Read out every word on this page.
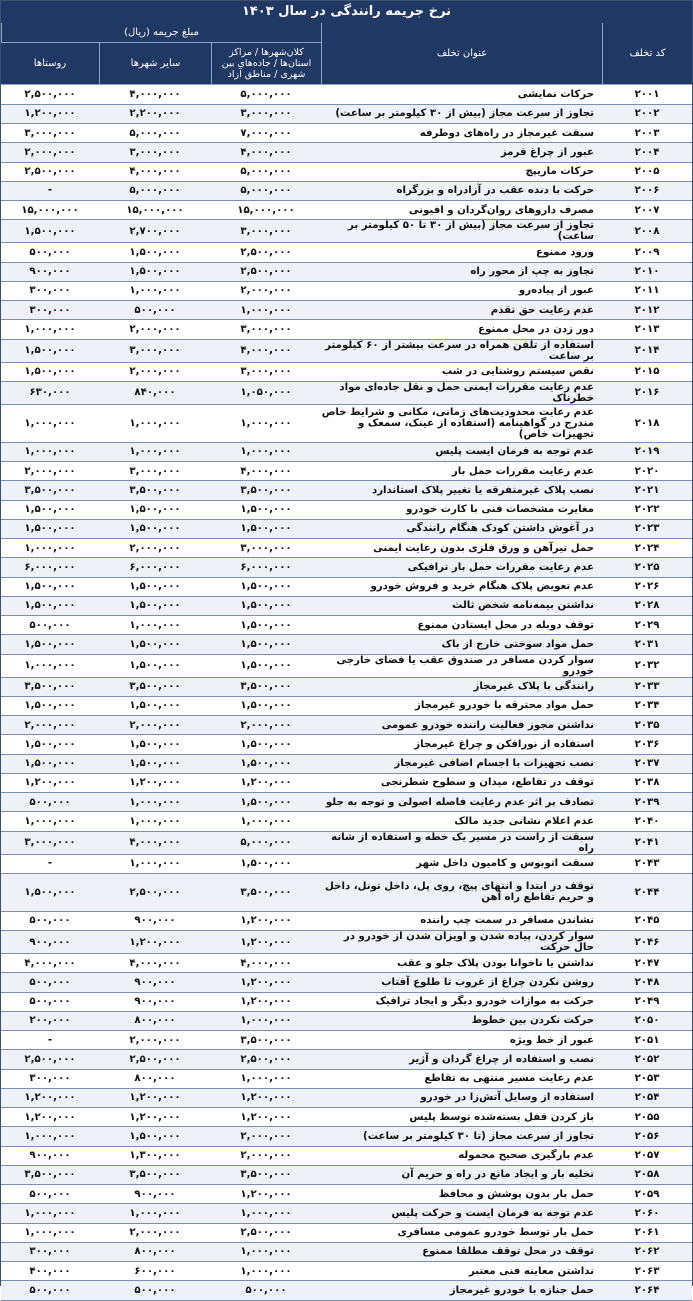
نرخ جریمه رانندگی در سال ۱۴۰۳
کد تخلف
عنوان تخلف
مبلغ جریمه (ریال)
کلان‌شهرها / مراکز استان‌ها / جاده‌های بین شهری / مناطق آزاد
سایر شهرها
روستاها
۲۰۰۱	حرکات نمایشی	۵,۰۰۰,۰۰۰	۴,۰۰۰,۰۰۰	۲,۵۰۰,۰۰۰
۲۰۰۲	تجاوز از سرعت مجاز (بیش از ۳۰ کیلومتر بر ساعت)	۳,۰۰۰,۰۰۰	۲,۲۰۰,۰۰۰	۱,۲۰۰,۰۰۰
۲۰۰۳	سبقت غیرمجاز در راه‌های دوطرفه	۷,۰۰۰,۰۰۰	۵,۰۰۰,۰۰۰	۳,۰۰۰,۰۰۰
۲۰۰۴	عبور از چراغ قرمز	۴,۰۰۰,۰۰۰	۳,۰۰۰,۰۰۰	۲,۰۰۰,۰۰۰
۲۰۰۵	حرکات ماریپچ	۵,۰۰۰,۰۰۰	۴,۰۰۰,۰۰۰	۲,۵۰۰,۰۰۰
۲۰۰۶	حرکت با دنده عقب در آزادراه و بزرگراه	۵,۰۰۰,۰۰۰	۵,۰۰۰,۰۰۰	-
۲۰۰۷	مصرف داروهای روان‌گردان و افیونی	۱۵,۰۰۰,۰۰۰	۱۵,۰۰۰,۰۰۰	۱۵,۰۰۰,۰۰۰
۲۰۰۸	تجاوز از سرعت مجاز (بیش از ۳۰ تا ۵۰ کیلومتر بر ساعت)	۳,۰۰۰,۰۰۰	۲,۷۰۰,۰۰۰	۱,۵۰۰,۰۰۰
۲۰۰۹	ورود ممنوع	۲,۵۰۰,۰۰۰	۱,۵۰۰,۰۰۰	۵۰۰,۰۰۰
۲۰۱۰	تجاوز به چپ از محور راه	۲,۵۰۰,۰۰۰	۱,۵۰۰,۰۰۰	۹۰۰,۰۰۰
۲۰۱۱	عبور از پیاده‌رو	۲,۰۰۰,۰۰۰	۱,۰۰۰,۰۰۰	۳۰۰,۰۰۰
۲۰۱۲	عدم رعایت حق تقدم	۱,۰۰۰,۰۰۰	۵۰۰,۰۰۰	۳۰۰,۰۰۰
۲۰۱۳	دور زدن در محل ممنوع	۳,۰۰۰,۰۰۰	۲,۰۰۰,۰۰۰	۱,۰۰۰,۰۰۰
۲۰۱۴	استفاده از تلفن همراه در سرعت بیشتر از ۶۰ کیلومتر بر ساعت	۴,۰۰۰,۰۰۰	۳,۰۰۰,۰۰۰	۱,۵۰۰,۰۰۰
۲۰۱۵	نقص سیستم روشنایی در شب	۳,۰۰۰,۰۰۰	۲,۰۰۰,۰۰۰	۱,۵۰۰,۰۰۰
۲۰۱۶	عدم رعایت مقررات ایمنی حمل و نقل جاده‌ای مواد خطرناک	۱,۰۵۰,۰۰۰	۸۴۰,۰۰۰	۶۳۰,۰۰۰
۲۰۱۸	عدم رعایت محدودیت‌های زمانی، مکانی و شرایط خاص مندرج در گواهینامه (استفاده از عینک، سمعک و تجهیزات خاص)	۱,۰۰۰,۰۰۰	۱,۰۰۰,۰۰۰	۱,۰۰۰,۰۰۰
۲۰۱۹	عدم توجه به فرمان ایست پلیس	۱,۰۰۰,۰۰۰	۱,۰۰۰,۰۰۰	۱,۰۰۰,۰۰۰
۲۰۲۰	عدم رعایت مقررات حمل بار	۴,۰۰۰,۰۰۰	۳,۰۰۰,۰۰۰	۲,۰۰۰,۰۰۰
۲۰۲۱	نصب پلاک غیرمتفرقه یا تغییر پلاک استاندارد	۳,۵۰۰,۰۰۰	۳,۵۰۰,۰۰۰	۳,۵۰۰,۰۰۰
۲۰۲۲	مغایرت مشخصات فنی با کارت خودرو	۱,۵۰۰,۰۰۰	۱,۵۰۰,۰۰۰	۱,۵۰۰,۰۰۰
۲۰۲۳	در آغوش داشتن کودک هنگام رانندگی	۱,۵۰۰,۰۰۰	۱,۵۰۰,۰۰۰	۱,۵۰۰,۰۰۰
۲۰۲۴	حمل تیرآهن و ورق فلزی بدون رعایت ایمنی	۳,۰۰۰,۰۰۰	۲,۰۰۰,۰۰۰	۱,۰۰۰,۰۰۰
۲۰۲۵	عدم رعایت مقررات حمل بار ترافیکی	۶,۰۰۰,۰۰۰	۶,۰۰۰,۰۰۰	۶,۰۰۰,۰۰۰
۲۰۲۶	عدم تعویض پلاک هنگام خرید و فروش خودرو	۱,۵۰۰,۰۰۰	۱,۵۰۰,۰۰۰	۱,۵۰۰,۰۰۰
۲۰۲۸	نداشتن بیمه‌نامه شخص ثالث	۱,۵۰۰,۰۰۰	۱,۵۰۰,۰۰۰	۱,۵۰۰,۰۰۰
۲۰۲۹	توقف دوبله در محل ایستادن ممنوع	۱,۵۰۰,۰۰۰	۱,۰۰۰,۰۰۰	۵۰۰,۰۰۰
۲۰۳۱	حمل مواد سوختی خارج از باک	۱,۵۰۰,۰۰۰	۱,۵۰۰,۰۰۰	۱,۵۰۰,۰۰۰
۲۰۳۲	سوار کردن مسافر در صندوق عقب یا فضای خارجی خودرو	۱,۵۰۰,۰۰۰	۱,۵۰۰,۰۰۰	۱,۰۰۰,۰۰۰
۲۰۳۳	رانندگی با پلاک غیرمجاز	۳,۵۰۰,۰۰۰	۳,۵۰۰,۰۰۰	۳,۵۰۰,۰۰۰
۲۰۳۴	حمل مواد محترقه با خودرو غیرمجاز	۱,۵۰۰,۰۰۰	۱,۵۰۰,۰۰۰	۱,۵۰۰,۰۰۰
۲۰۳۵	نداشتن مجوز فعالیت راننده خودرو عمومی	۲,۰۰۰,۰۰۰	۲,۰۰۰,۰۰۰	۲,۰۰۰,۰۰۰
۲۰۳۶	استفاده از نورافکن و چراغ غیرمجاز	۱,۵۰۰,۰۰۰	۱,۵۰۰,۰۰۰	۱,۵۰۰,۰۰۰
۲۰۳۷	نصب تجهیزات با اجسام اضافی غیرمجاز	۱,۵۰۰,۰۰۰	۱,۵۰۰,۰۰۰	۱,۵۰۰,۰۰۰
۲۰۳۸	توقف در تقاطع، میدان و سطوح شطرنجی	۱,۲۰۰,۰۰۰	۱,۲۰۰,۰۰۰	۱,۲۰۰,۰۰۰
۲۰۳۹	تصادف بر اثر عدم رعایت فاصله اصولی و توجه به جلو	۱,۵۰۰,۰۰۰	۱,۰۰۰,۰۰۰	۵۰۰,۰۰۰
۲۰۴۰	عدم اعلام نشانی جدید مالک	۱,۰۰۰,۰۰۰	۱,۰۰۰,۰۰۰	۱,۰۰۰,۰۰۰
۲۰۴۱	سبقت از راست در مسیر یک خطه و استفاده از شانه راه	۵,۰۰۰,۰۰۰	۴,۰۰۰,۰۰۰	۳,۰۰۰,۰۰۰
۲۰۴۳	سبقت اتوبوس و کامیون داخل شهر	۱,۵۰۰,۰۰۰	۱,۰۰۰,۰۰۰	-
۲۰۴۴	توقف در ابتدا و انتهای پیچ، روی پل، داخل تونل، داخل و حریم تقاطع راه آهن	۳,۵۰۰,۰۰۰	۲,۵۰۰,۰۰۰	۱,۵۰۰,۰۰۰
۲۰۴۵	نشاندن مسافر در سمت چپ راننده	۱,۲۰۰,۰۰۰	۹۰۰,۰۰۰	۵۰۰,۰۰۰
۲۰۴۶	سوار کردن، پیاده شدن و آویزان شدن از خودرو در حال حرکت	۱,۲۰۰,۰۰۰	۱,۲۰۰,۰۰۰	۹۰۰,۰۰۰
۲۰۴۷	نداشتن یا ناخوانا بودن پلاک جلو و عقب	۴,۰۰۰,۰۰۰	۴,۰۰۰,۰۰۰	۴,۰۰۰,۰۰۰
۲۰۴۸	روشن نکردن چراغ از غروب تا طلوع آفتاب	۱,۲۰۰,۰۰۰	۹۰۰,۰۰۰	۵۰۰,۰۰۰
۲۰۴۹	حرکت به موازات خودرو دیگر و ایجاد ترافیک	۱,۲۰۰,۰۰۰	۹۰۰,۰۰۰	۵۰۰,۰۰۰
۲۰۵۰	حرکت نکردن بین خطوط	۱,۰۰۰,۰۰۰	۸۰۰,۰۰۰	۲۰۰,۰۰۰
۲۰۵۱	عبور از خط ویژه	۳,۵۰۰,۰۰۰	۲,۰۰۰,۰۰۰	-
۲۰۵۲	نصب و استفاده از چراغ گردان و آژیر	۲,۵۰۰,۰۰۰	۲,۵۰۰,۰۰۰	۲,۵۰۰,۰۰۰
۲۰۵۳	عدم رعایت مسیر منتهی به تقاطع	۱,۰۰۰,۰۰۰	۸۰۰,۰۰۰	۳۰۰,۰۰۰
۲۰۵۴	استفاده از وسایل آتش‌زا در خودرو	۱,۲۰۰,۰۰۰	۱,۲۰۰,۰۰۰	۱,۲۰۰,۰۰۰
۲۰۵۵	باز کردن قفل بسته‌شده توسط پلیس	۱,۲۰۰,۰۰۰	۱,۲۰۰,۰۰۰	۱,۲۰۰,۰۰۰
۲۰۵۶	تجاوز از سرعت مجاز (تا ۳۰ کیلومتر بر ساعت)	۲,۰۰۰,۰۰۰	۱,۵۰۰,۰۰۰	۱,۰۰۰,۰۰۰
۲۰۵۷	عدم بارگیری صحیح محموله	۲,۰۰۰,۰۰۰	۱,۳۰۰,۰۰۰	۹۰۰,۰۰۰
۲۰۵۸	تخلیه بار و ایجاد مانع در راه و حریم آن	۳,۵۰۰,۰۰۰	۳,۵۰۰,۰۰۰	۳,۵۰۰,۰۰۰
۲۰۵۹	حمل بار بدون پوشش و محافظ	۱,۲۰۰,۰۰۰	۹۰۰,۰۰۰	۵۰۰,۰۰۰
۲۰۶۰	عدم توجه به فرمان ایست و حرکت پلیس	۱,۰۰۰,۰۰۰	۱,۰۰۰,۰۰۰	۱,۰۰۰,۰۰۰
۲۰۶۱	حمل بار توسط خودرو عمومی مسافری	۲,۵۰۰,۰۰۰	۲,۰۰۰,۰۰۰	۱,۰۰۰,۰۰۰
۲۰۶۲	توقف در محل توقف مطلقا ممنوع	۱,۰۰۰,۰۰۰	۸۰۰,۰۰۰	۳۰۰,۰۰۰
۲۰۶۳	نداشتن معاینه فنی معتبر	۱,۰۰۰,۰۰۰	۶۰۰,۰۰۰	۴۰۰,۰۰۰
۲۰۶۴	حمل جنازه با خودرو غیرمجاز	۵۰۰,۰۰۰	۵۰۰,۰۰۰	۵۰۰,۰۰۰
